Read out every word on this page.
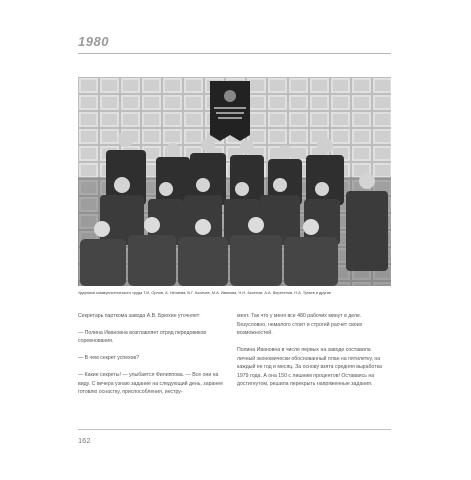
1980
Ударники коммунистического труда Т.И. Орлов, А. Нечаева, В.Г. Косачев, М.А. Иванова, Н.Н. Аксенов, А.А. Веретенов, Н.А. Тугаев и другие

Секретарь парткома завода А.В. Брюхин уточняет:

— Полина Ивановна возглавляет отряд передовиков соревнования.

— В чем секрет успехов?

— Какие секреты! — улыбается Филиппова. — Все они на виду. С вечера узнаю задание на следующий день, заранее готовлю оснастку, приспособления, инстру-

мент. Так что у меня все 480 рабочих минут в деле. Безусловно, немалого стоит и строгий расчет своих возможностей.

Полина Ивановна в числе первых на заводе составила личный экономически обоснованный план на пятилетку, на каждый ее год и месяц. За основу взята средняя выработка 1979 года. А она 150 с лишним процентов! Оставаясь на достигнутом, решила перекрыть напряженные задания.

162
